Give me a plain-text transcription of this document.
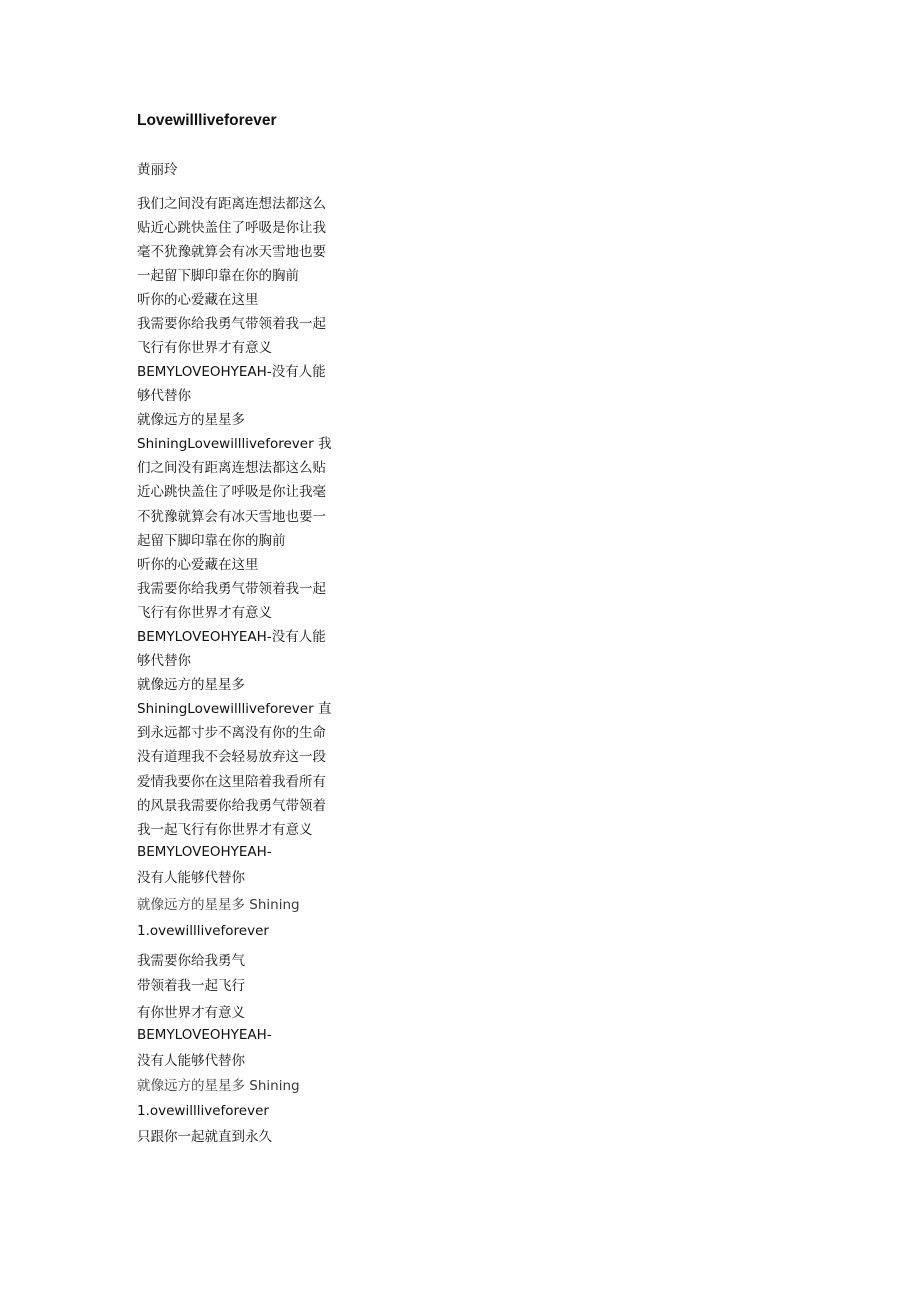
Lovewillliveforever
黄丽玲
我们之间没有距离连想法都这么
贴近心跳快盖住了呼吸是你让我
毫不犹豫就算会有冰天雪地也要
一起留下脚印靠在你的胸前
听你的心爱藏在这里
我需要你给我勇气带领着我一起
飞行有你世界才有意义
BEMYLOVEOHYEAH-没有人能
够代替你
就像远方的星星多
ShiningLovewillliveforever 我
们之间没有距离连想法都这么贴
近心跳快盖住了呼吸是你让我毫
不犹豫就算会有冰天雪地也要一
起留下脚印靠在你的胸前
听你的心爱藏在这里
我需要你给我勇气带领着我一起
飞行有你世界才有意义
BEMYLOVEOHYEAH-没有人能
够代替你
就像远方的星星多
ShiningLovewillliveforever 直
到永远都寸步不离没有你的生命
没有道理我不会轻易放弃这一段
爱情我要你在这里陪着我看所有
的风景我需要你给我勇气带领着
我一起飞行有你世界才有意义
BEMYLOVEOHYEAH-
没有人能够代替你
就像远方的星星多 Shining
1.ovewillliveforever
我需要你给我勇气
带领着我一起飞行
有你世界才有意义
BEMYLOVEOHYEAH-
没有人能够代替你
就像远方的星星多 Shining
1.ovewillliveforever
只跟你一起就直到永久
